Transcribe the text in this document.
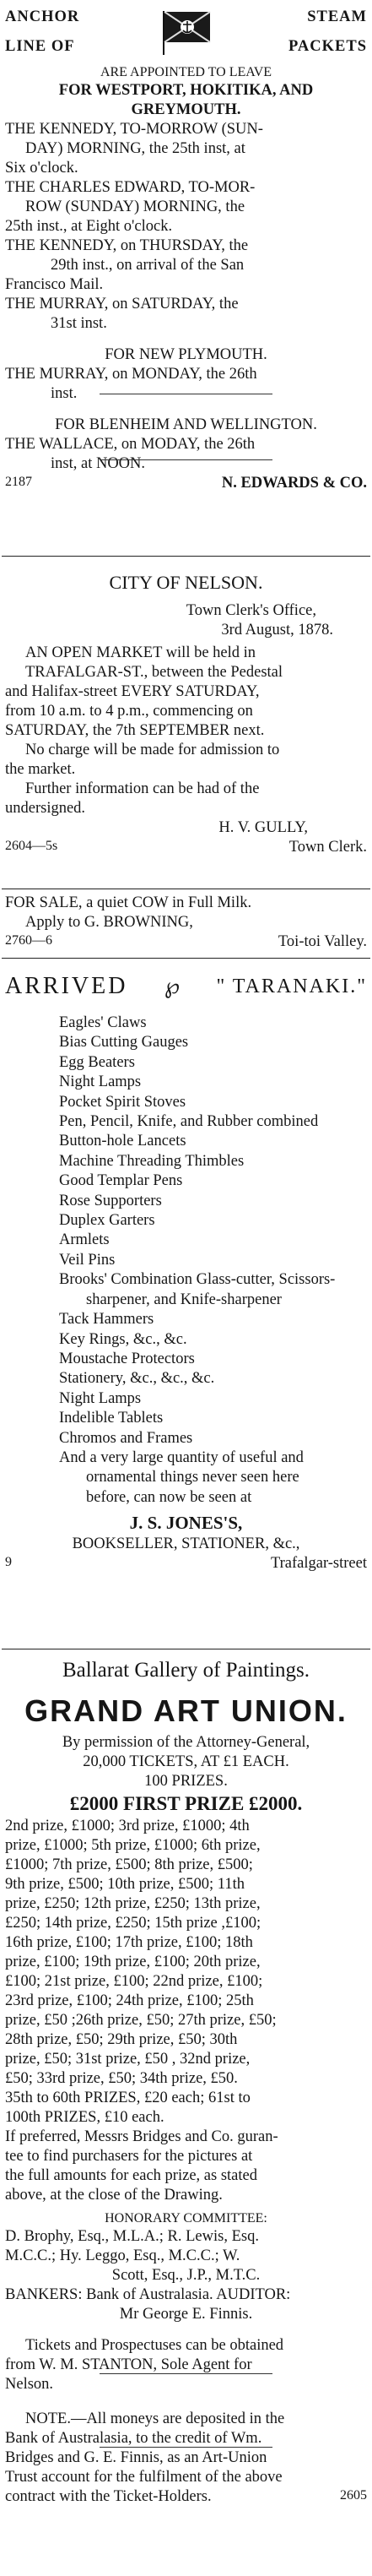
ANCHOR
LINE OF
STEAM
PACKETS
ARE APPOINTED TO LEAVE
FOR WESTPORT, HOKITIKA, AND
GREYMOUTH.
THE KENNEDY, TO-MORROW (SUN-
DAY) MORNING, the 25th inst, at
Six o'clock.
THE CHARLES EDWARD, TO-MOR-
ROW (SUNDAY) MORNING, the
25th inst., at Eight o'clock.
THE KENNEDY, on THURSDAY, the
29th inst., on arrival of the San
Francisco Mail.
THE MURRAY, on SATURDAY, the
31st inst.
FOR NEW PLYMOUTH.
THE MURRAY, on MONDAY, the 26th
inst.
FOR BLENHEIM AND WELLINGTON.
THE WALLACE, on MODAY, the 26th
inst, at NOON.
2187	N. EDWARDS & CO.
CITY OF NELSON.
Town Clerk's Office,
3rd August, 1878.
AN OPEN MARKET will be held in
TRAFALGAR-ST., between the Pedestal
and Halifax-street EVERY SATURDAY,
from 10 a.m. to 4 p.m., commencing on
SATURDAY, the 7th SEPTEMBER next.
No charge will be made for admission to
the market.
Further information can be had of the
undersigned.
H. V. GULLY,
2604—5s	Town Clerk.
FOR SALE, a quiet COW in Full Milk.
Apply to G. BROWNING,
2760—6	Toi-toi Valley.
ARRIVED ℘ " TARANAKI."
Eagles' Claws
Bias Cutting Gauges
Egg Beaters
Night Lamps
Pocket Spirit Stoves
Pen, Pencil, Knife, and Rubber combined
Button-hole Lancets
Machine Threading Thimbles
Good Templar Pens
Rose Supporters
Duplex Garters
Armlets
Veil Pins
Brooks' Combination Glass-cutter, Scissors-
sharpener, and Knife-sharpener
Tack Hammers
Key Rings, &c., &c.
Moustache Protectors
Stationery, &c., &c., &c.
Night Lamps
Indelible Tablets
Chromos and Frames
And a very large quantity of useful and
ornamental things never seen here
before, can now be seen at
J. S. JONES'S,
BOOKSELLER, STATIONER, &c.,
9	Trafalgar-street
Ballarat Gallery of Paintings.
GRAND ART UNION.
By permission of the Attorney-General,
20,000 TICKETS, AT £1 EACH.
100 PRIZES.
£2000 FIRST PRIZE £2000.
2nd prize, £1000; 3rd prize, £1000; 4th
prize, £1000; 5th prize, £1000; 6th prize,
£1000; 7th prize, £500; 8th prize, £500;
9th prize, £500; 10th prize, £500; 11th
prize, £250; 12th prize, £250; 13th prize,
£250; 14th prize, £250; 15th prize ,£100;
16th prize, £100; 17th prize, £100; 18th
prize, £100; 19th prize, £100; 20th prize,
£100; 21st prize, £100; 22nd prize, £100;
23rd prize, £100; 24th prize, £100; 25th
prize, £50 ;26th prize, £50; 27th prize, £50;
28th prize, £50; 29th prize, £50; 30th
prize, £50; 31st prize, £50 , 32nd prize,
£50; 33rd prize, £50; 34th prize, £50.
35th to 60th PRIZES, £20 each; 61st to
100th PRIZES, £10 each.
If preferred, Messrs Bridges and Co. guran-
tee to find purchasers for the pictures at
the full amounts for each prize, as stated
above, at the close of the Drawing.
HONORARY COMMITTEE:
D. Brophy, Esq., M.L.A.; R. Lewis, Esq.
M.C.C.; Hy. Leggo, Esq., M.C.C.; W.
Scott, Esq., J.P., M.T.C.
BANKERS: Bank of Australasia. AUDITOR:
Mr George E. Finnis.
Tickets and Prospectuses can be obtained
from W. M. STANTON, Sole Agent for
Nelson.
NOTE.—All moneys are deposited in the
Bank of Australasia, to the credit of Wm.
Bridges and G. E. Finnis, as an Art-Union
Trust account for the fulfilment of the above
contract with the Ticket-Holders.	2605
